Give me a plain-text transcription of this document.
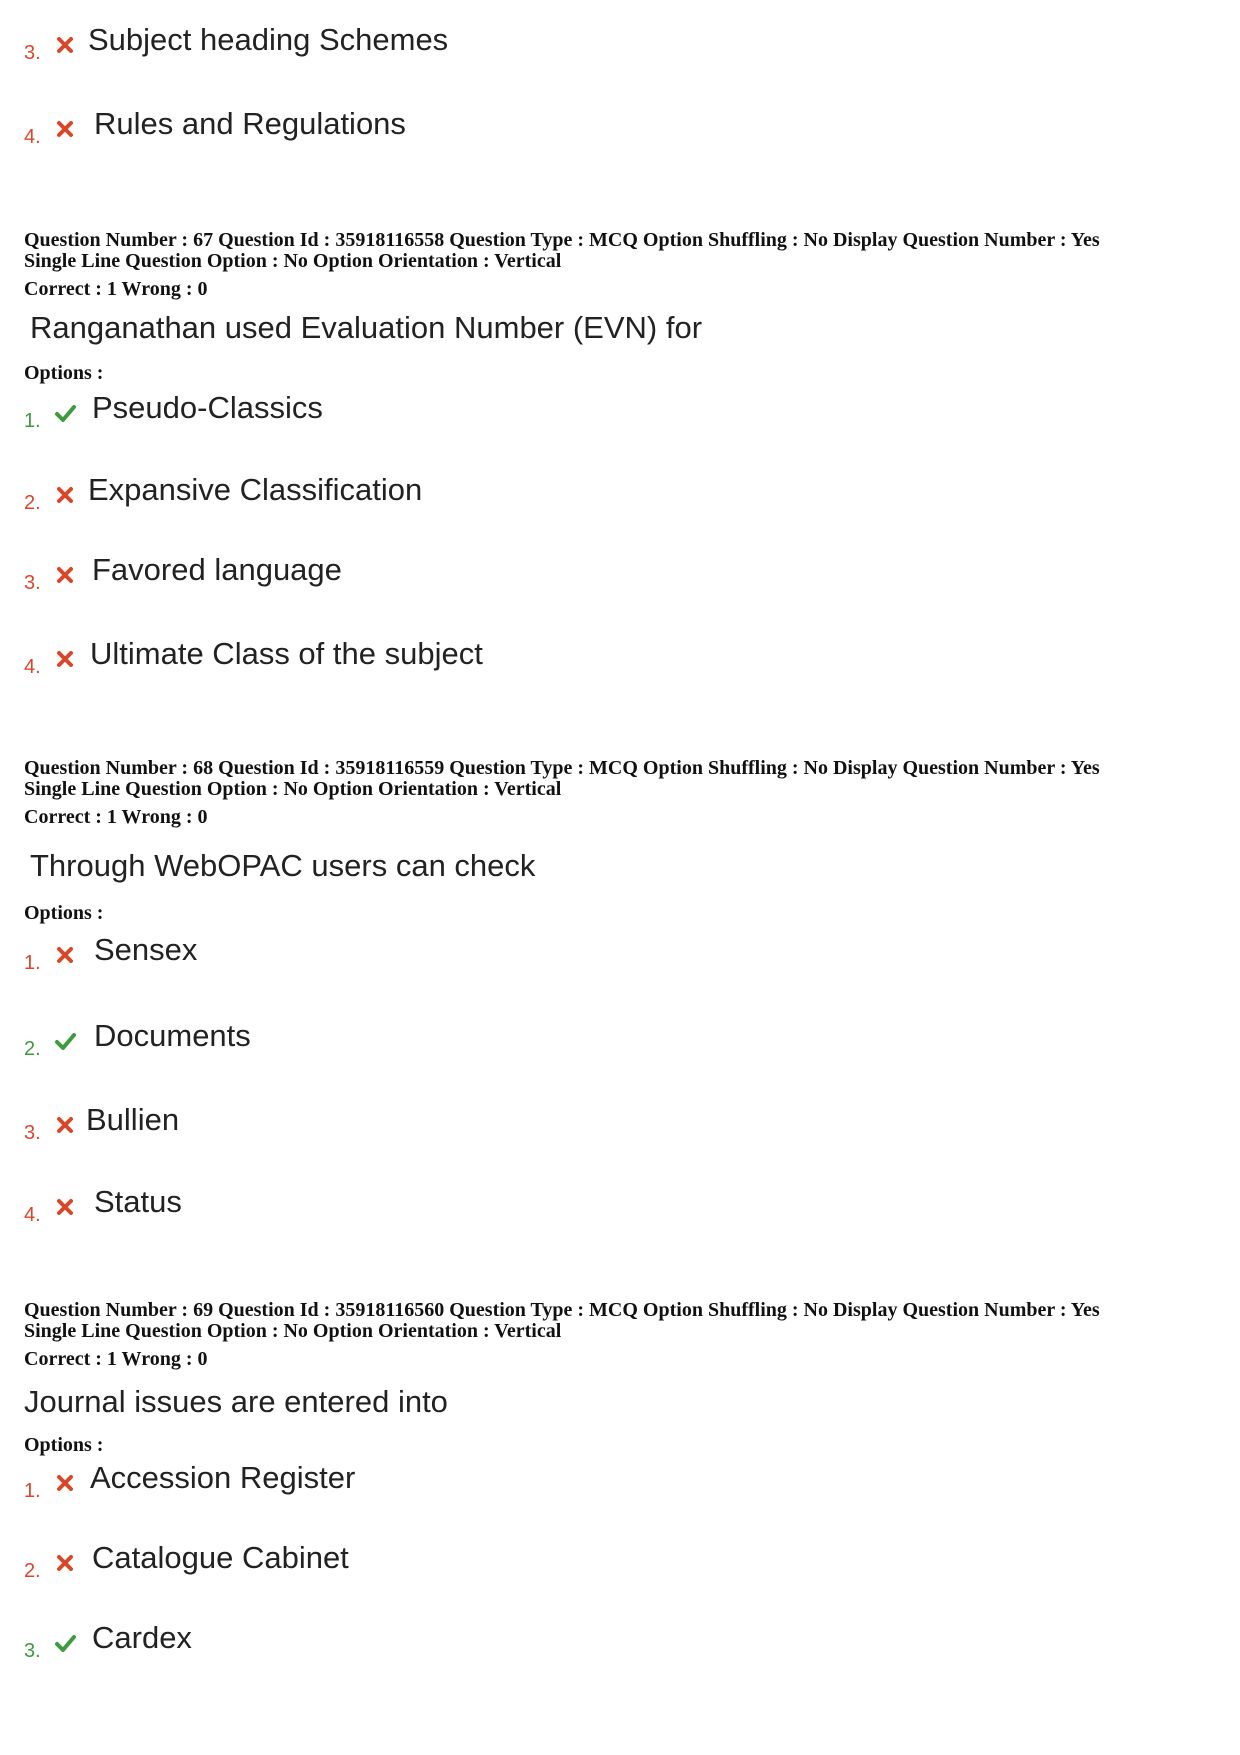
3. Subject heading Schemes
4. Rules and Regulations
Question Number : 67 Question Id : 35918116558 Question Type : MCQ Option Shuffling : No Display Question Number : Yes
Single Line Question Option : No Option Orientation : Vertical
Correct : 1 Wrong : 0
Ranganathan used Evaluation Number (EVN) for
Options :
1. Pseudo-Classics
2. Expansive Classification
3. Favored language
4. Ultimate Class of the subject
Question Number : 68 Question Id : 35918116559 Question Type : MCQ Option Shuffling : No Display Question Number : Yes
Single Line Question Option : No Option Orientation : Vertical
Correct : 1 Wrong : 0
Through WebOPAC users can check
Options :
1. Sensex
2. Documents
3. Bullien
4. Status
Question Number : 69 Question Id : 35918116560 Question Type : MCQ Option Shuffling : No Display Question Number : Yes
Single Line Question Option : No Option Orientation : Vertical
Correct : 1 Wrong : 0
Journal issues are entered into
Options :
1. Accession Register
2. Catalogue Cabinet
3. Cardex
